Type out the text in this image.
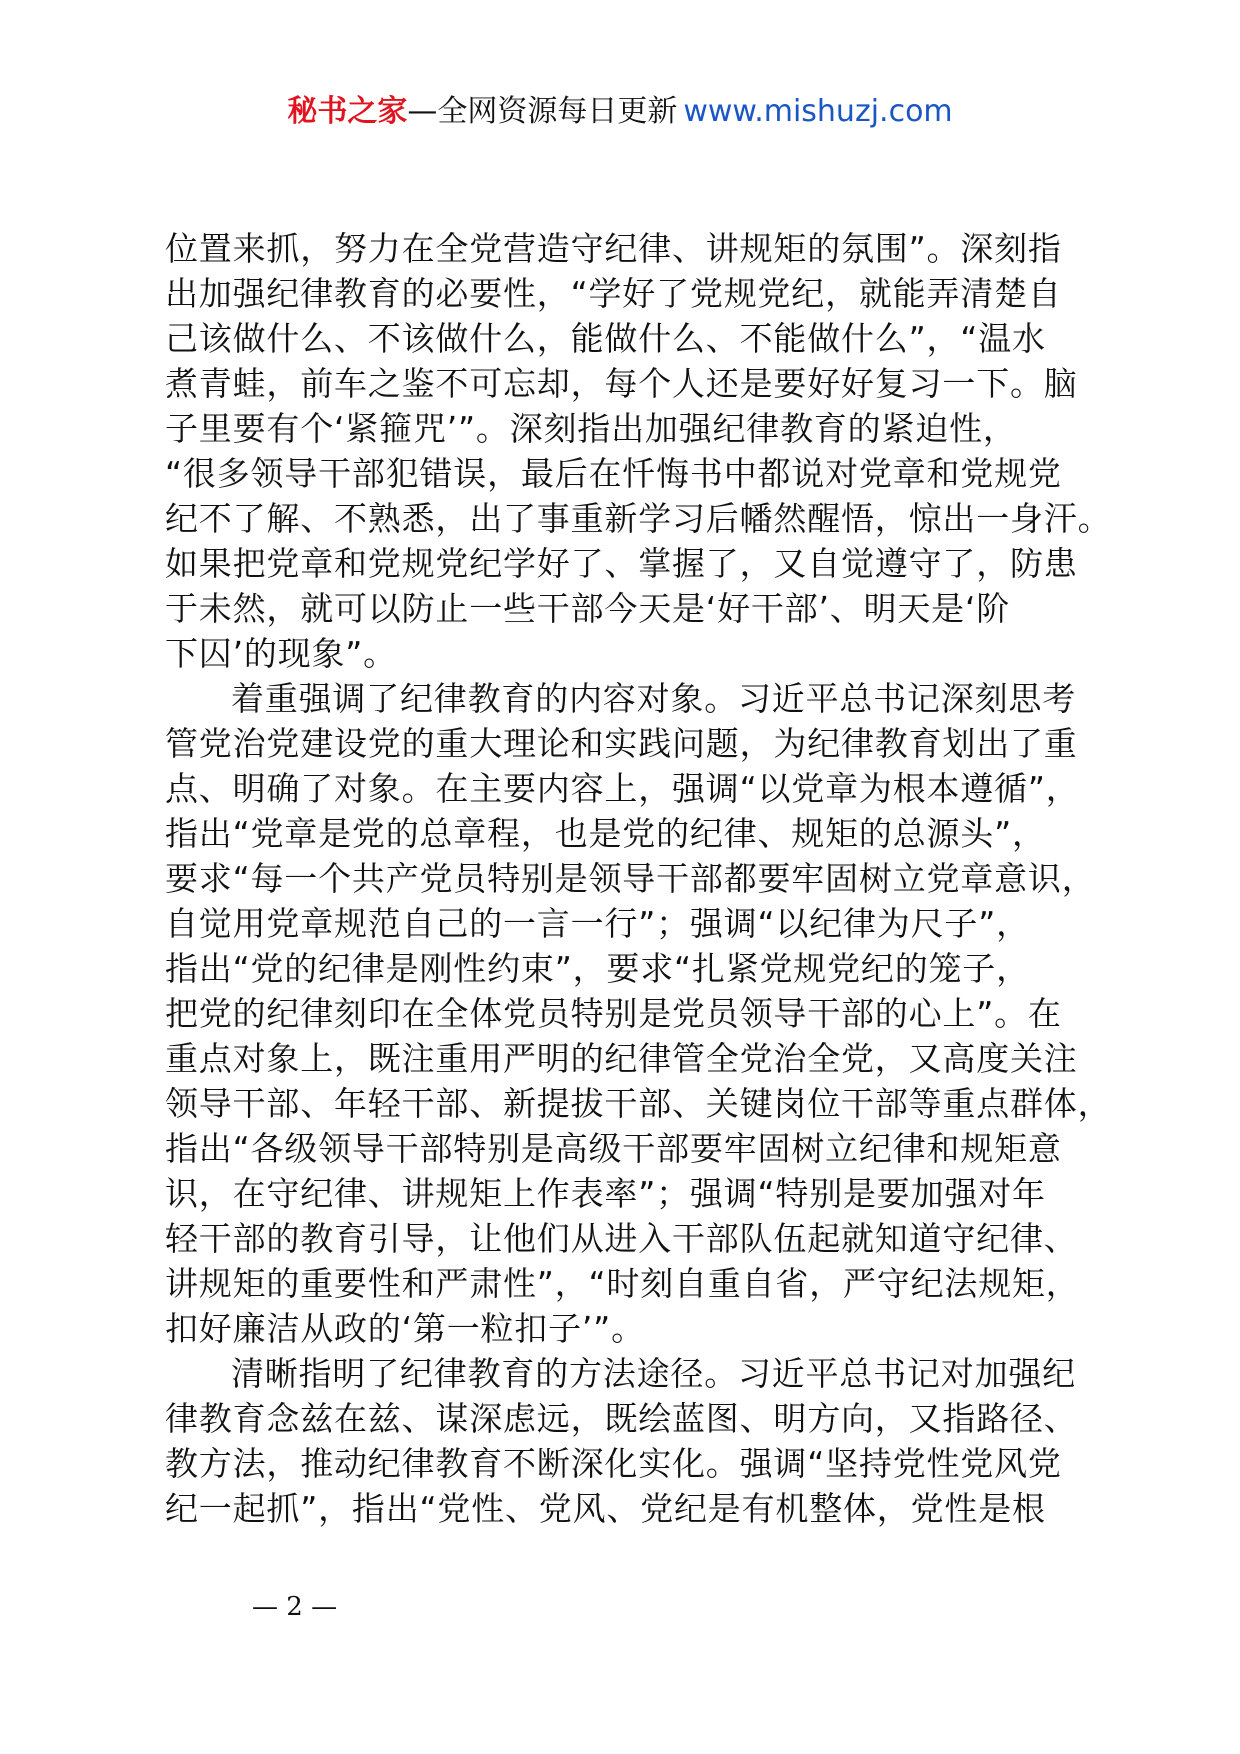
秘书之家—全网资源每日更新 www.mishuzj.com
位置来抓，努力在全党营造守纪律、讲规矩的氛围”。深刻指
出加强纪律教育的必要性，“学好了党规党纪，就能弄清楚自
己该做什么、不该做什么，能做什么、不能做什么”，“温水
煮青蛙，前车之鉴不可忘却，每个人还是要好好复习一下。脑
子里要有个‘紧箍咒’”。深刻指出加强纪律教育的紧迫性，
“很多领导干部犯错误，最后在忏悔书中都说对党章和党规党
纪不了解、不熟悉，出了事重新学习后幡然醒悟，惊出一身汗。
如果把党章和党规党纪学好了、掌握了，又自觉遵守了，防患
于未然，就可以防止一些干部今天是‘好干部’、明天是‘阶
下囚’的现象”。
着重强调了纪律教育的内容对象。习近平总书记深刻思考
管党治党建设党的重大理论和实践问题，为纪律教育划出了重
点、明确了对象。在主要内容上，强调“以党章为根本遵循”，
指出“党章是党的总章程，也是党的纪律、规矩的总源头”，
要求“每一个共产党员特别是领导干部都要牢固树立党章意识，
自觉用党章规范自己的一言一行”；强调“以纪律为尺子”，
指出“党的纪律是刚性约束”，要求“扎紧党规党纪的笼子，
把党的纪律刻印在全体党员特别是党员领导干部的心上”。在
重点对象上，既注重用严明的纪律管全党治全党，又高度关注
领导干部、年轻干部、新提拔干部、关键岗位干部等重点群体，
指出“各级领导干部特别是高级干部要牢固树立纪律和规矩意
识，在守纪律、讲规矩上作表率”；强调“特别是要加强对年
轻干部的教育引导，让他们从进入干部队伍起就知道守纪律、
讲规矩的重要性和严肃性”，“时刻自重自省，严守纪法规矩，
扣好廉洁从政的‘第一粒扣子’”。
清晰指明了纪律教育的方法途径。习近平总书记对加强纪
律教育念兹在兹、谋深虑远，既绘蓝图、明方向，又指路径、
教方法，推动纪律教育不断深化实化。强调“坚持党性党风党
纪一起抓”，指出“党性、党风、党纪是有机整体，党性是根
— 2 —
